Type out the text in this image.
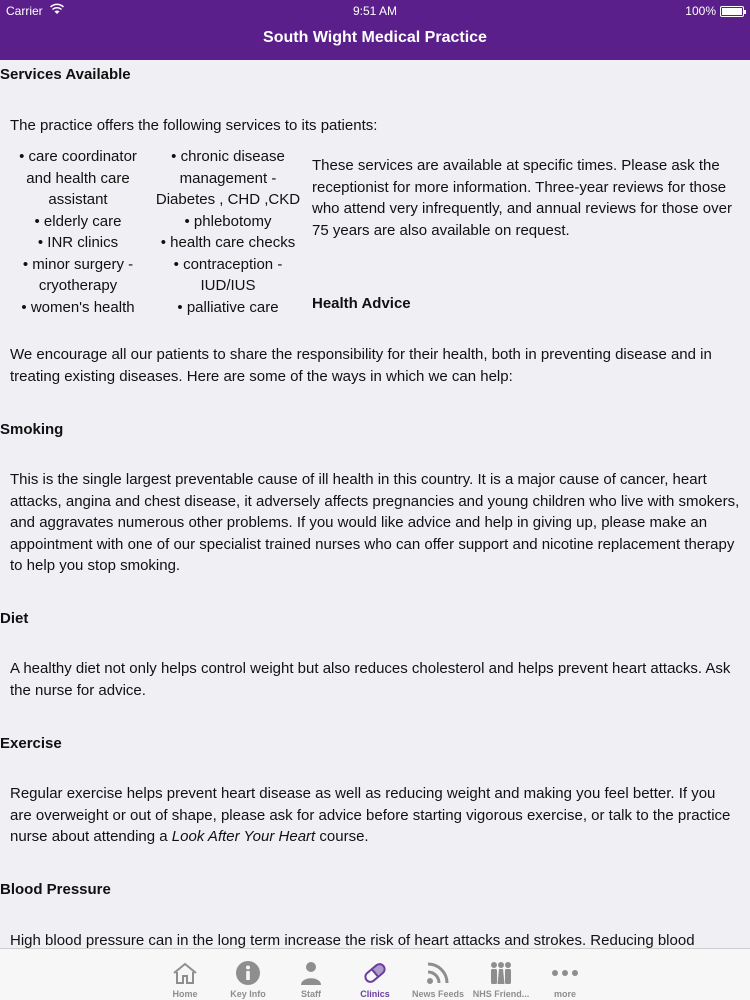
Carrier	9:51 AM	100%
South Wight Medical Practice
Services Available
The practice offers the following services to its patients:
• care coordinator
and health care
assistant
• elderly care
• INR clinics
• minor surgery -
cryotherapy
• women's health
• chronic disease
management -
Diabetes , CHD ,CKD
• phlebotomy
• health care checks
• contraception -
IUD/IUS
• palliative care
These services are available at specific times. Please ask the receptionist for more information. Three-year reviews for those who attend very infrequently, and annual reviews for those over 75 years are also available on request.
Health Advice
We encourage all our patients to share the responsibility for their health, both in preventing disease and in treating existing diseases. Here are some of the ways in which we can help:
Smoking
This is the single largest preventable cause of ill health in this country. It is a major cause of cancer, heart attacks, angina and chest disease, it adversely affects pregnancies and young children who live with smokers, and aggravates numerous other problems. If you would like advice and help in giving up, please make an appointment with one of our specialist trained nurses who can offer support and nicotine replacement therapy to help you stop smoking.
Diet
A healthy diet not only helps control weight but also reduces cholesterol and helps prevent heart attacks. Ask the nurse for advice.
Exercise
Regular exercise helps prevent heart disease as well as reducing weight and making you feel better. If you are overweight or out of shape, please ask for advice before starting vigorous exercise, or talk to the practice nurse about attending a Look After Your Heart course.
Blood Pressure
High blood pressure can in the long term increase the risk of heart attacks and strokes. Reducing blood
Home	Key Info	Staff	Clinics	News Feeds NHS Friend...	more
